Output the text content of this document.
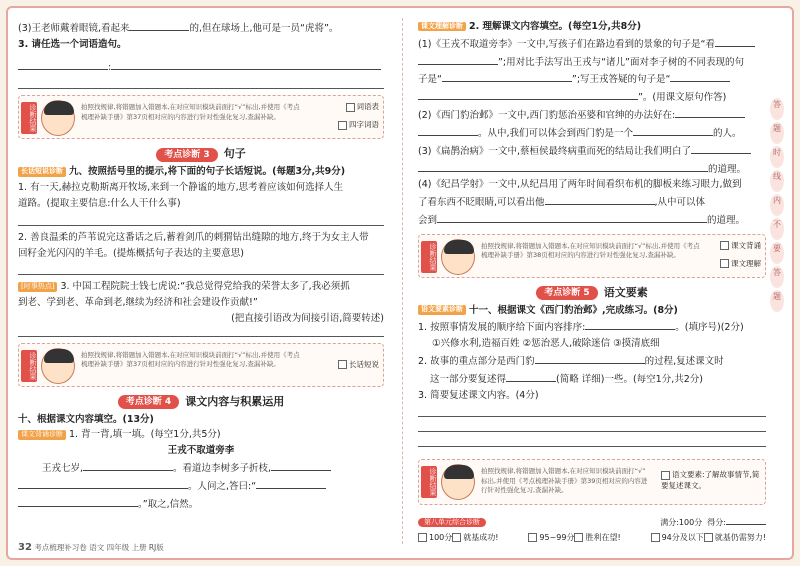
(3)王老师戴着眼镜,看起来	的,但在球场上,他可是一员“虎将”。
3. 请任选一个词语造句。
:
诊断结果	拍照找规律,将错题加入错题本,在对应知识模块前面打“√”标出,并使用《考点
梳理补缺手册》第37页相对应的内容进行针对性强化复习,查漏补缺。
词语表
四字词语
考点诊断 3	句子
长话短说诊断 九、按照括号里的提示,将下面的句子长话短说。(每题3分,共9分)
1. 有一天,赫拉克勒斯离开牧场,来到一个静谧的地方,思考着应该如何选择人生
道路。(提取主要信息:什么人干什么事)
2. 善良温柔的芦苇说完这番话之后,蓄着剑爪的刺猬钻出缝隙的地方,终于为女主人带
回籽金光闪闪的羊毛。(提炼概括句子表达的主要意思)
[时事热点] 3. 中国工程院院士钱七虎说:“我总觉得党给我的荣誉太多了,我必须抓
到老、学到老、革命到老,继续为经济和社会建设作贡献!”
(把直接引语改为间接引语,简要转述)
诊断结果	拍照找规律,将错题加入错题本,在对应知识模块前面打“√”标出,并使用《考点
梳理补缺手册》第37页相对应的内容进行针对性强化复习,查漏补缺。	长话短说
考点诊断 4	课文内容与积累运用
十、根据课文内容填空。(13分)
课文背诵诊断 1. 背一背,填一填。(每空1分,共5分)
王戎不取道旁李
王戎七岁,	。看道边李树多子折枝,
。人问之,答曰:“
。”取之,信然。
32 考点梳理补习卷 语文 四年级 上册 RJ版
课文理解诊断 2. 理解课文内容填空。(每空1分,共8分)
(1)《王戎不取道旁李》一文中,写孩子们在路边看到的景象的句子是“看
”;用对比手法写出王戎与“诸儿”面对李子树的不同表现的句
子是“	”;写王戎答疑的句子是“
”。(用课文原句作答)
(2)《西门豹治邺》一文中,西门豹惩治巫婆和官绅的办法好在:
。从中,我们可以体会到西门豹是一个	的人。
(3)《扁鹊治病》一文中,蔡桓侯最终病重而死的结局让我们明白了
的道理。
(4)《纪昌学射》一文中,从纪昌用了两年时间看织布机的脚板来练习眼力,做到
了看东西不眨眼睛,可以看出他	,从中可以体
会到	的道理。
诊断结果	拍照找规律,将错题加入错题本,在对应知识模块前面打“√”标出,并使用《考点
梳理补缺手册》第38页相对应的内容进行针对性强化复习,查漏补缺。
课文背诵
课文理解
考点诊断 5	语文要素
语文要素诊断 十一、根据课文《西门豹治邺》,完成练习。(8分)
1. 按照事情发展的顺序给下面内容排序:	。(填序号)(2分)
①兴修水利,造福百姓 ②惩治恶人,破除迷信 ③摸清底细
2. 故事的重点部分是西门豹	的过程,复述课文时
这一部分要复述得	(简略 详细)一些。(每空1分,共2分)
3. 简要复述课文内容。(4分)
诊断结果	拍照找规律,将错题加入错题本,在对应知识模块前面打“√”
标出,并使用《考点梳理补缺手册》第39页相对应的内容进
行针对性强化复习,查漏补缺。
语文要素:了解故事情节,简要复述课文。
第八单元综合诊断	满分:100分 得分:
100分 就基成功!	95~99分 胜利在望!	94分及以下 就基仍需努力!
答
题
时
线
内
不
要
答
题
